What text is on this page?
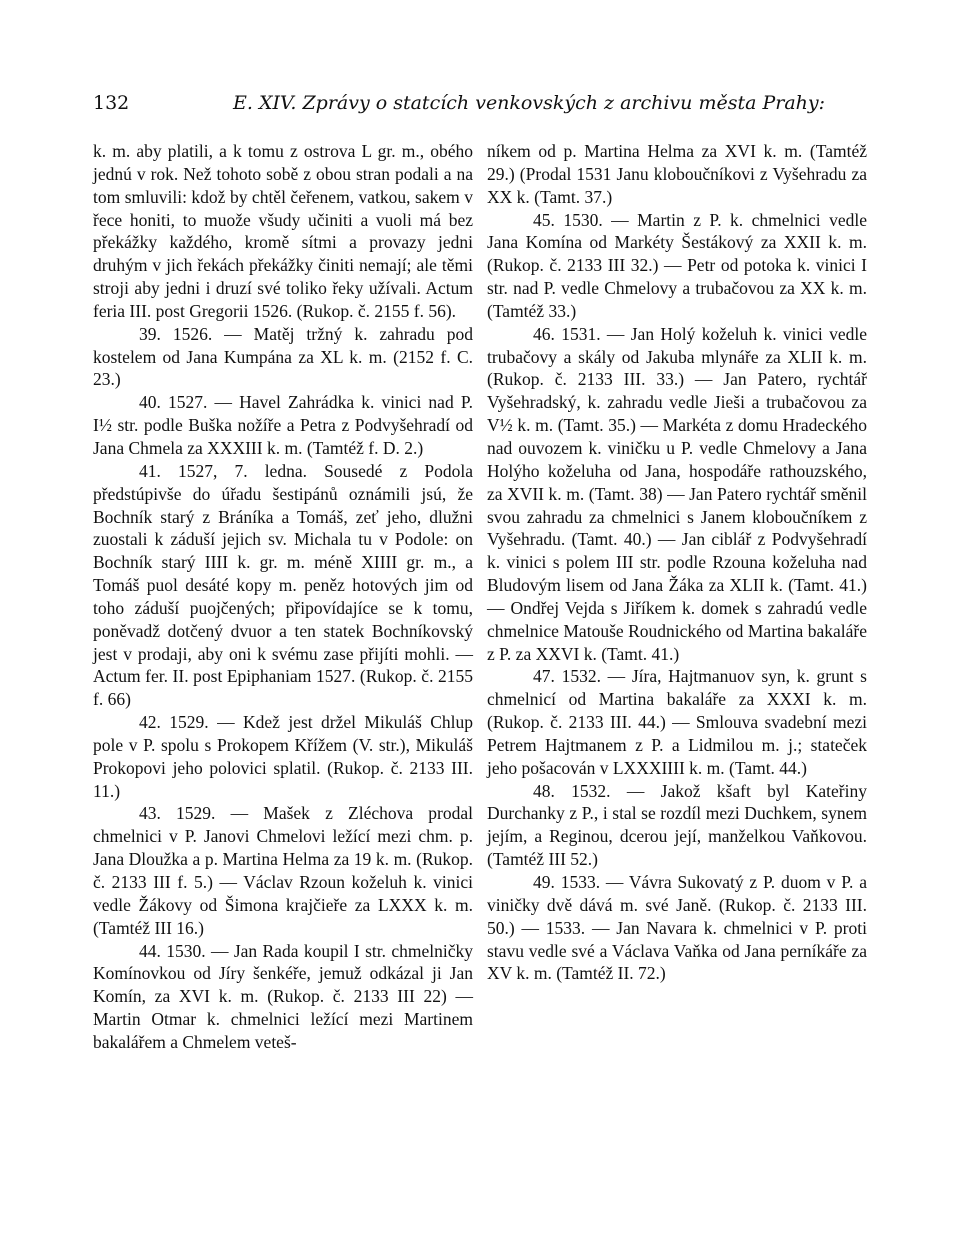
132	E. XIV. Zprávy o statcích venkovských z archivu města Prahy:

k. m. aby platili, a k tomu z ostrova L gr. m., obého jednú v rok. Než tohoto sobě z obou stran podali a na tom smluvili: kdož by chtěl čeřenem, vatkou, sakem v řece honiti, to muože všudy učiniti a vuoli má bez překážky každého, kromě sítmi a provazy jedni druhým v jich řekách překážky činiti nemají; ale těmi stroji aby jedni i druzí své toliko řeky užívali. Actum feria III. post Gregorii 1526. (Rukop. č. 2155 f. 56).

39. 1526. — Matěj tržný k. zahradu pod kostelem od Jana Kumpána za XL k. m. (2152 f. C. 23.)

40. 1527. — Havel Zahrádka k. vinici nad P. I½ str. podle Buška nožíře a Petra z Podvyšehradí od Jana Chmela za XXXIII k. m. (Tamtéž f. D. 2.)

41. 1527, 7. ledna. Sousedé z Podola předstúpivše do úřadu šestipánů oznámili jsú, že Bochník starý z Bráníka a Tomáš, zeť jeho, dlužni zuostali k záduší jejich sv. Michala tu v Podole: on Bochník starý IIII k. gr. m. méně XIIII gr. m., a Tomáš puol desáté kopy m. peněz hotových jim od toho záduší puojčených; připovídajíce se k tomu, poněvadž dotčený dvuor a ten statek Bochníkovský jest v prodaji, aby oni k svému zase přijíti mohli. — Actum fer. II. post Epiphaniam 1527. (Rukop. č. 2155 f. 66)

42. 1529. — Kdež jest držel Mikuláš Chlup pole v P. spolu s Prokopem Křížem (V. str.), Mikuláš Prokopovi jeho polovici splatil. (Rukop. č. 2133 III. 11.)

43. 1529. — Mašek z Zléchova prodal chmelnici v P. Janovi Chmelovi ležící mezi chm. p. Jana Dloužka a p. Martina Helma za 19 k. m. (Rukop. č. 2133 III f. 5.) — Václav Rzoun koželuh k. vinici vedle Žákovy od Šimona krajčieře za LXXX k. m. (Tamtéž III 16.)

44. 1530. — Jan Rada koupil I str. chmelničky Komínovkou od Jíry šenkéře, jemuž odkázal ji Jan Komín, za XVI k. m. (Rukop. č. 2133 III 22) — Martin Otmar k. chmelnici ležící mezi Martinem bakalářem a Chmelem veteš-

níkem od p. Martina Helma za XVI k. m. (Tamtéž 29.) (Prodal 1531 Janu kloboučníkovi z Vyšehradu za XX k. (Tamt. 37.)

45. 1530. — Martin z P. k. chmelnici vedle Jana Komína od Markéty Šestákový za XXII k. m. (Rukop. č. 2133 III 32.) — Petr od potoka k. vinici I str. nad P. vedle Chmelovy a trubačovou za XX k. m. (Tamtéž 33.)

46. 1531. — Jan Holý koželuh k. vinici vedle trubačovy a skály od Jakuba mlynáře za XLII k. m. (Rukop. č. 2133 III. 33.) — Jan Patero, rychtář Vyšehradský, k. zahradu vedle Jieši a trubačovou za V½ k. m. (Tamt. 35.) — Markéta z domu Hradeckého nad ouvozem k. viničku u P. vedle Chmelovy a Jana Holýho koželuha od Jana, hospodáře rathouzského, za XVII k. m. (Tamt. 38) — Jan Patero rychtář směnil svou zahradu za chmelnici s Janem kloboučníkem z Vyšehradu. (Tamt. 40.) — Jan ciblář z Podvyšehradí k. vinici s polem III str. podle Rzouna koželuha nad Bludovým lisem od Jana Žáka za XLII k. (Tamt. 41.) — Ondřej Vejda s Jiříkem k. domek s zahradú vedle chmelnice Matouše Roudnického od Martina bakaláře z P. za XXVI k. (Tamt. 41.)

47. 1532. — Jíra, Hajtmanuov syn, k. grunt s chmelnicí od Martina bakaláře za XXXI k. m. (Rukop. č. 2133 III. 44.) — Smlouva svadební mezi Petrem Hajtmanem z P. a Lidmilou m. j.; stateček jeho pošacován v LXXXIIII k. m. (Tamt. 44.)

48. 1532. — Jakož kšaft byl Kateřiny Durchanky z P., i stal se rozdíl mezi Duchkem, synem jejím, a Reginou, dcerou její, manželkou Vaňkovou. (Tamtéž III 52.)

49. 1533. — Vávra Sukovatý z P. duom v P. a viničky dvě dává m. své Janě. (Rukop. č. 2133 III. 50.) — 1533. — Jan Navara k. chmelnici v P. proti stavu vedle své a Václava Vaňka od Jana perníkáře za XV k. m. (Tamtéž II. 72.)
